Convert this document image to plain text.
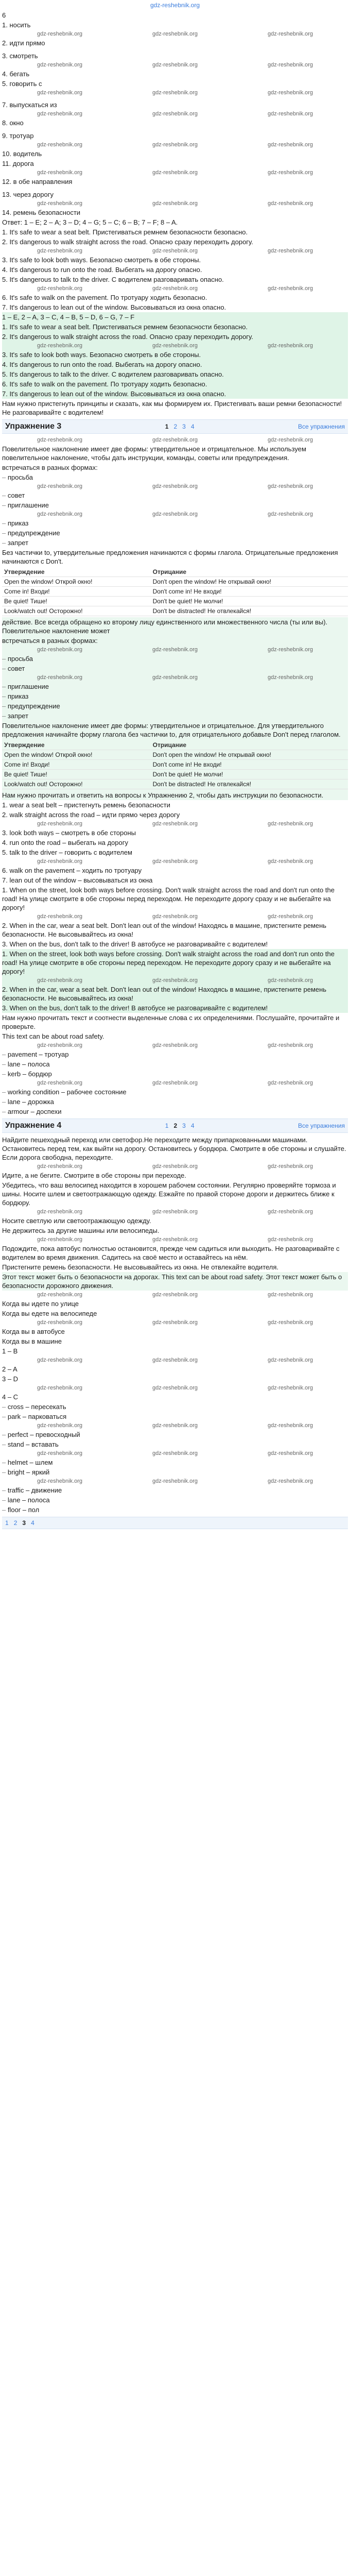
gdz-reshebnik.org
6
1. носить
gdz-reshebnik.org	gdz-reshebnik.org	gdz-reshebnik.org
2. идти прямо
3. смотреть
gdz-reshebnik.org	gdz-reshebnik.org	gdz-reshebnik.org
4. бегать
5. говорить с
gdz-reshebnik.org	gdz-reshebnik.org	gdz-reshebnik.org
7. выпускаться из
gdz-reshebnik.org	gdz-reshebnik.org	gdz-reshebnik.org
8. окно
9. тротуар
gdz-reshebnik.org	gdz-reshebnik.org	gdz-reshebnik.org
10. водитель
11. дорога
gdz-reshebnik.org	gdz-reshebnik.org	gdz-reshebnik.org
12. в обе направления
13. через дорогу
gdz-reshebnik.org	gdz-reshebnik.org	gdz-reshebnik.org
14. ремень безопасности
Ответ: 1 – Е; 2 – А; 3 – D; 4 – G; 5 – C; 6 – B; 7 – F; 8 – A.
1. It's safe to wear a seat belt. Пристегиваться ремнем безопасности безопасно.
2. It's dangerous to walk straight across the road. Опасно сразу переходить дорогу.
gdz-reshebnik.org	gdz-reshebnik.org	gdz-reshebnik.org
3. It's safe to look both ways. Безопасно смотреть в обе стороны.
4. It's dangerous to run onto the road. Выбегать на дорогу опасно.
5. It's dangerous to talk to the driver. С водителем разговаривать опасно.
gdz-reshebnik.org	gdz-reshebnik.org	gdz-reshebnik.org
6. It's safe to walk on the pavement. По тротуару ходить безопасно.
7. It's dangerous to lean out of the window. Высовываться из окна опасно.
1 – E, 2 – A, 3 – C, 4 – B, 5 – D, 6 – G, 7 – F
1. It's safe to wear a seat belt. Пристегиваться ремнем безопасности безопасно.
2. It's dangerous to walk straight across the road. Опасно сразу переходить дорогу.
gdz-reshebnik.org	gdz-reshebnik.org	gdz-reshebnik.org
3. It's safe to look both ways. Безопасно смотреть в обе стороны.
4. It's dangerous to run onto the road. Выбегать на дорогу опасно.
5. It's dangerous to talk to the driver. С водителем разговаривать опасно.
6. It's safe to walk on the pavement. По тротуару ходить безопасно.
7. It's dangerous to lean out of the window. Высовываться из окна опасно.
Нам нужно пристегнуть принципы и сказать, как мы формируем их. Пристегивать ваши ремни безопасности! Не разговаривайте с водителем!
Упражнение 3	1 2 3 4	Все упражнения
gdz-reshebnik.org	gdz-reshebnik.org	gdz-reshebnik.org
Повелительное наклонение имеет две формы: утвердительное и отрицательное. Мы используем повелительное наклонение, чтобы дать инструкции, команды, советы или предупреждения.
встречаться в разных формах:
– просьба
gdz-reshebnik.org	gdz-reshebnik.org	gdz-reshebnik.org
– совет
– приглашение
gdz-reshebnik.org	gdz-reshebnik.org	gdz-reshebnik.org
– приказ
– предупреждение
– запрет
Без частички to, утвердительные предложения начинаются с формы глагола. Отрицательные предложения начинаются с Don't.
Утверждение	Отрицание
Open the window! Открой окно!	Don't open the window! Не открывай окно!
Come in! Входи!	Don't come in! Не входи!
Be quiet! Тише!	Don't be quiet! Не молчи!
Look/watch out! Осторожно!	Don't be distracted! Не отвлекайся!
действие. Все всегда обращено ко второму лицу единственного или множественного числа (ты или вы). Повелительное наклонение может
встречаться в разных формах:
gdz-reshebnik.org	gdz-reshebnik.org	gdz-reshebnik.org
– просьба
– совет
gdz-reshebnik.org	gdz-reshebnik.org	gdz-reshebnik.org
– приглашение
– приказ
– предупреждение
– запрет
Повелительное наклонение имеет две формы: утвердительное и отрицательное. Для утвердительного предложения начинайте форму глагола без частички to, для отрицательного добавьте Don't перед глаголом.
Утверждение	Отрицание
Open the window! Открой окно!	Don't open the window! Не открывай окно!
Come in! Входи!	Don't come in! Не входи!
Be quiet! Тише!	Don't be quiet! Не молчи!
Look/watch out! Осторожно!	Don't be distracted! Не отвлекайся!
Нам нужно прочитать и ответить на вопросы к Упражнению 2, чтобы дать инструкции по безопасности.
1. wear a seat belt – пристегнуть ремень безопасности
2. walk straight across the road – идти прямо через дорогу
gdz-reshebnik.org	gdz-reshebnik.org	gdz-reshebnik.org
3. look both ways – смотреть в обе стороны
4. run onto the road – выбегать на дорогу
5. talk to the driver – говорить с водителем
gdz-reshebnik.org	gdz-reshebnik.org	gdz-reshebnik.org
6. walk on the pavement – ходить по тротуару
7. lean out of the window – высовываться из окна
1. When on the street, look both ways before crossing. Don't walk straight across the road and don't run onto the road! На улице смотрите в обе стороны перед переходом. Не переходите дорогу сразу и не выбегайте на дорогу!
gdz-reshebnik.org	gdz-reshebnik.org	gdz-reshebnik.org
2. When in the car, wear a seat belt. Don't lean out of the window! Находясь в машине, пристегните ремень безопасности. Не высовывайтесь из окна!
3. When on the bus, don't talk to the driver! В автобусе не разговаривайте с водителем!
1. When on the street, look both ways before crossing. Don't walk straight across the road and don't run onto the road! На улице смотрите в обе стороны перед переходом. Не переходите дорогу сразу и не выбегайте на дорогу!
gdz-reshebnik.org	gdz-reshebnik.org	gdz-reshebnik.org
2. When in the car, wear a seat belt. Don't lean out of the window! Находясь в машине, пристегните ремень безопасности. Не высовывайтесь из окна!
3. When on the bus, don't talk to the driver! В автобусе не разговаривайте с водителем!
Нам нужно прочитать текст и соотнести выделенные слова с их определениями. Послушайте, прочитайте и проверьте.
This text can be about road safety.
gdz-reshebnik.org	gdz-reshebnik.org	gdz-reshebnik.org
– pavement – тротуар
– lane – полоса
– kerb – бордюр
gdz-reshebnik.org	gdz-reshebnik.org	gdz-reshebnik.org
– working condition – рабочее состояние
– lane – дорожка
– armour – доспехи
Упражнение 4	1 2 3 4	Все упражнения
Найдите пешеходный переход или светофор.Не переходите между припаркованными машинами. Остановитесь перед тем, как выйти на дорогу. Остановитесь у бордюра. Смотрите в обе стороны и слушайте. Если дорога свободна, переходите.
gdz-reshebnik.org	gdz-reshebnik.org	gdz-reshebnik.org
Идите, а не бегите. Смотрите в обе стороны при переходе.
Убедитесь, что ваш велосипед находится в хорошем рабочем состоянии. Регулярно проверяйте тормоза и шины. Носите шлем и светоотражающую одежду. Езжайте по правой стороне дороги и держитесь ближе к бордюру.
gdz-reshebnik.org	gdz-reshebnik.org	gdz-reshebnik.org
Носите светлую или светоотражающую одежду.
Не держитесь за другие машины или велосипеды.
gdz-reshebnik.org	gdz-reshebnik.org	gdz-reshebnik.org
Подождите, пока автобус полностью остановится, прежде чем садиться или выходить. Не разговаривайте с водителем во время движения. Садитесь на своё место и оставайтесь на нём.
Пристегните ремень безопасности. Не высовывайтесь из окна. Не отвлекайте водителя.
Этот текст может быть о безопасности на дорогах. This text can be about road safety. Этот текст может быть о безопасности дорожного движения.
gdz-reshebnik.org	gdz-reshebnik.org	gdz-reshebnik.org
Когда вы идете по улице
Когда вы едете на велосипеде
gdz-reshebnik.org	gdz-reshebnik.org	gdz-reshebnik.org
Когда вы в автобусе
Когда вы в машине
1 – B
gdz-reshebnik.org	gdz-reshebnik.org	gdz-reshebnik.org
2 – A
3 – D
gdz-reshebnik.org	gdz-reshebnik.org	gdz-reshebnik.org
4 – C
– cross – пересекать
– park – парковаться
gdz-reshebnik.org	gdz-reshebnik.org	gdz-reshebnik.org
– perfect – превосходный
– stand – вставать
gdz-reshebnik.org	gdz-reshebnik.org	gdz-reshebnik.org
– helmet – шлем
– bright – яркий
gdz-reshebnik.org	gdz-reshebnik.org	gdz-reshebnik.org
– traffic – движение
– lane – полоса
– floor – пол
1 2 3 4
